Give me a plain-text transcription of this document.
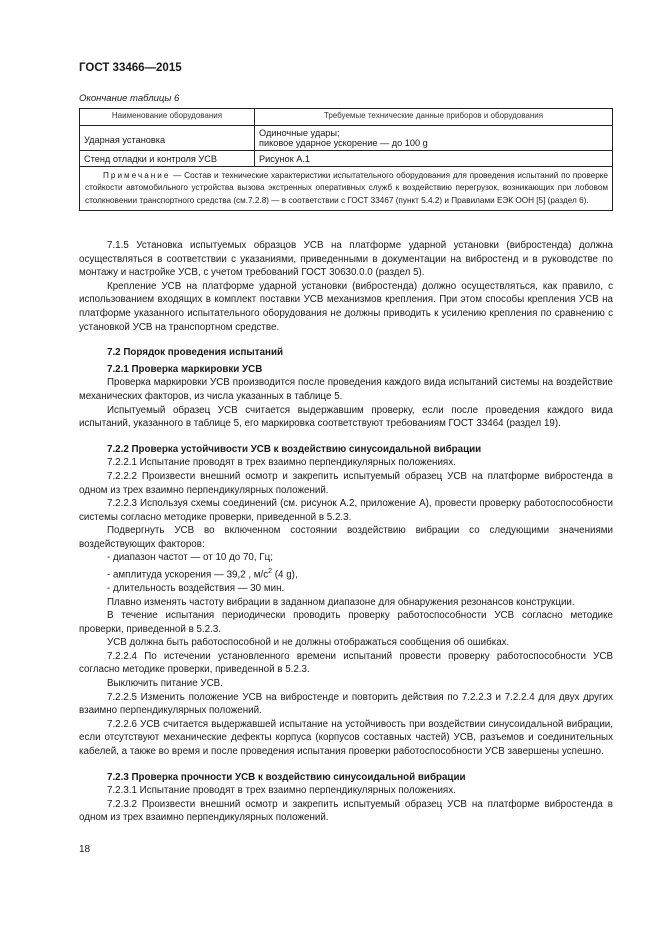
ГОСТ 33466—2015
Окончание таблицы 6
Наименование оборудования	Требуемые технические данные приборов и оборудования
Ударная установка	Одиночные удары;
пиковое ударное ускорение — до 100 g

Стенд отладки и контроля УСВ	Рисунок А.1
Примечание — Состав и технические характеристики испытательного оборудования для проведения испытаний по проверке стойкости автомобильного устройства вызова экстренных оперативных служб к воздействию перегрузок, возникающих при лобовом столкновении транспортного средства (см.7.2.8) — в соответствии с ГОСТ 33467 (пункт 5.4.2) и Правилами ЕЭК ООН [5] (раздел 6).	

7.1.5 Установка испытуемых образцов УСВ на платформе ударной установки (вибростенда) должна осуществляться в соответствии с указаниями, приведенными в документации на вибростенд и в руководстве по монтажу и настройке УСВ, с учетом требований ГОСТ 30630.0.0 (раздел 5).

Крепление УСВ на платформе ударной установки (вибростенда) должно осуществляться, как правило, с использованием входящих в комплект поставки УСВ механизмов крепления. При этом способы крепления УСВ на платформе указанного испытательного оборудования не должны приводить к усилению крепления по сравнению с установкой УСВ на транспортном средстве.

7.2 Порядок проведения испытаний

7.2.1 Проверка маркировки УСВ

Проверка маркировки УСВ производится после проведения каждого вида испытаний системы на воздействие механических факторов, из числа указанных в таблице 5.

Испытуемый образец УСВ считается выдержавшим проверку, если после проведения каждого вида испытаний, указанного в таблице 5, его маркировка соответствуют требованиям ГОСТ 33464 (раздел 19).

7.2.2 Проверка устойчивости УСВ к воздействию синусоидальной вибрации

7.2.2.1 Испытание проводят в трех взаимно перпендикулярных положениях.

7.2.2.2 Произвести внешний осмотр и закрепить испытуемый образец УСВ на платформе вибростенда в одном из трех взаимно перпендикулярных положений.

7.2.2.3 Используя схемы соединений (см. рисунок А.2, приложение А), провести проверку работоспособности системы согласно методике проверки, приведенной в 5.2.3.

Подвергнуть УСВ во включенном состоянии воздействию вибрации со следующими значениями воздействующих факторов:

- диапазон частот — от 10 до 70, Гц;

- амплитуда ускорения — 39,2 , $м/с^2$ (4 g),

- длительность воздействия — 30 мин.

Плавно изменять частоту вибрации в заданном диапазоне для обнаружения резонансов конструкции.

В течение испытания периодически проводить проверку работоспособности УСВ согласно методике проверки, приведенной в 5.2.3.

УСВ должна быть работоспособной и не должны отображаться сообщения об ошибках.

7.2.2.4 По истечении установленного времени испытаний провести проверку работоспособности УСВ согласно методике проверки, приведенной в 5.2.3.

Выключить питание УСВ.

7.2.2.5 Изменить положение УСВ на вибростенде и повторить действия по 7.2.2.3 и 7.2.2.4 для двух других взаимно перпендикулярных положений.

7.2.2.6 УСВ считается выдержавшей испытание на устойчивость при воздействии синусоидальной вибрации, если отсутствуют механические дефекты корпуса (корпусов составных частей) УСВ, разъемов и соединительных кабелей, а также во время и после проведения испытания проверки работоспособности УСВ завершены успешно.

7.2.3 Проверка прочности УСВ к воздействию синусоидальной вибрации

7.2.3.1 Испытание проводят в трех взаимно перпендикулярных положениях.

7.2.3.2 Произвести внешний осмотр и закрепить испытуемый образец УСВ на платформе вибростенда в одном из трех взаимно перпендикулярных положений.

18
